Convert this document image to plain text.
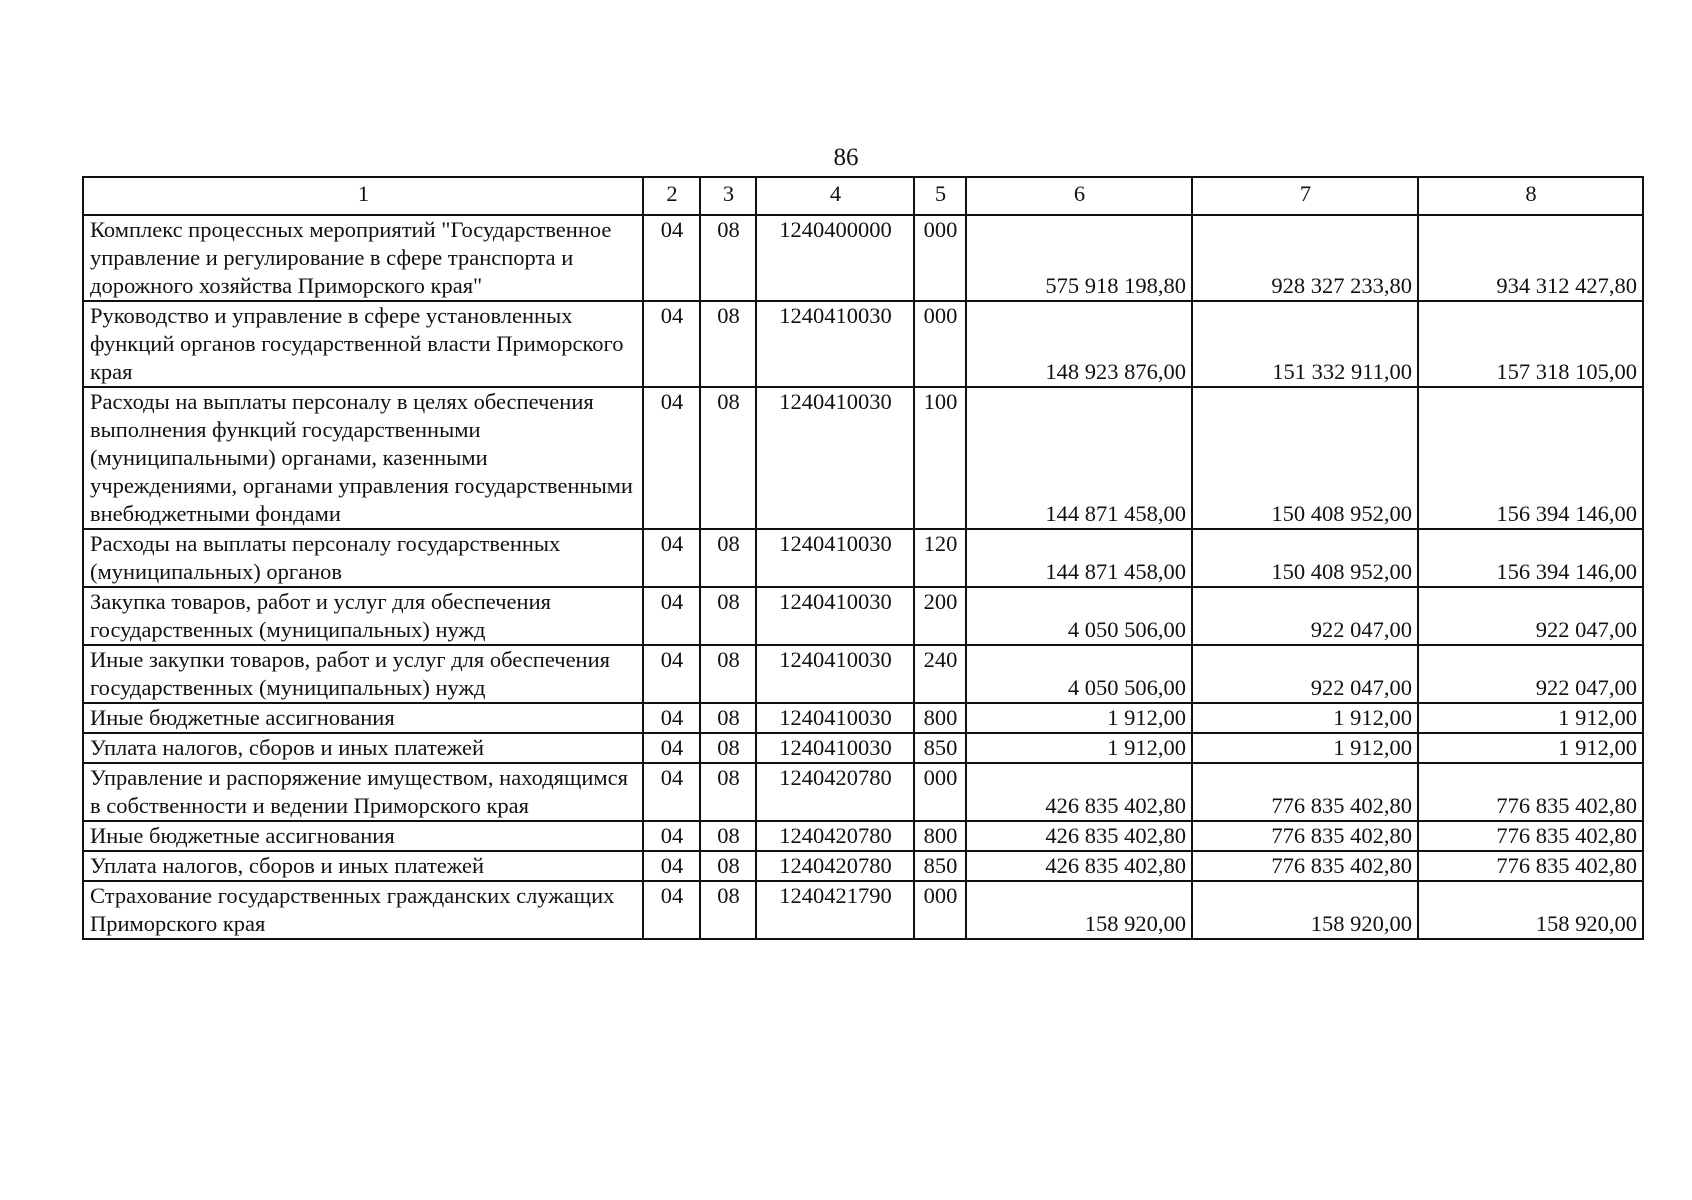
86
1	2	3	4	5	6	7	8
Комплекс процессных мероприятий "Государственное управление и регулирование в сфере транспорта и дорожного хозяйства Приморского края"	04	08	1240400000	000	575 918 198,80	928 327 233,80	934 312 427,80
Руководство и управление в сфере установленных функций органов государственной власти Приморского края	04	08	1240410030	000	148 923 876,00	151 332 911,00	157 318 105,00
Расходы на выплаты персоналу в целях обеспечения выполнения функций государственными (муниципальными) органами, казенными учреждениями, органами управления государственными внебюджетными фондами	04	08	1240410030	100	144 871 458,00	150 408 952,00	156 394 146,00
Расходы на выплаты персоналу государственных (муниципальных) органов	04	08	1240410030	120	144 871 458,00	150 408 952,00	156 394 146,00
Закупка товаров, работ и услуг для обеспечения государственных (муниципальных) нужд	04	08	1240410030	200	4 050 506,00	922 047,00	922 047,00
Иные закупки товаров, работ и услуг для обеспечения государственных (муниципальных) нужд	04	08	1240410030	240	4 050 506,00	922 047,00	922 047,00
Иные бюджетные ассигнования	04	08	1240410030	800	1 912,00	1 912,00	1 912,00
Уплата налогов, сборов и иных платежей	04	08	1240410030	850	1 912,00	1 912,00	1 912,00
Управление и распоряжение имуществом, находящимся в собственности и ведении Приморского края	04	08	1240420780	000	426 835 402,80	776 835 402,80	776 835 402,80
Иные бюджетные ассигнования	04	08	1240420780	800	426 835 402,80	776 835 402,80	776 835 402,80
Уплата налогов, сборов и иных платежей	04	08	1240420780	850	426 835 402,80	776 835 402,80	776 835 402,80
Страхование государственных гражданских служащих Приморского края	04	08	1240421790	000	158 920,00	158 920,00	158 920,00
